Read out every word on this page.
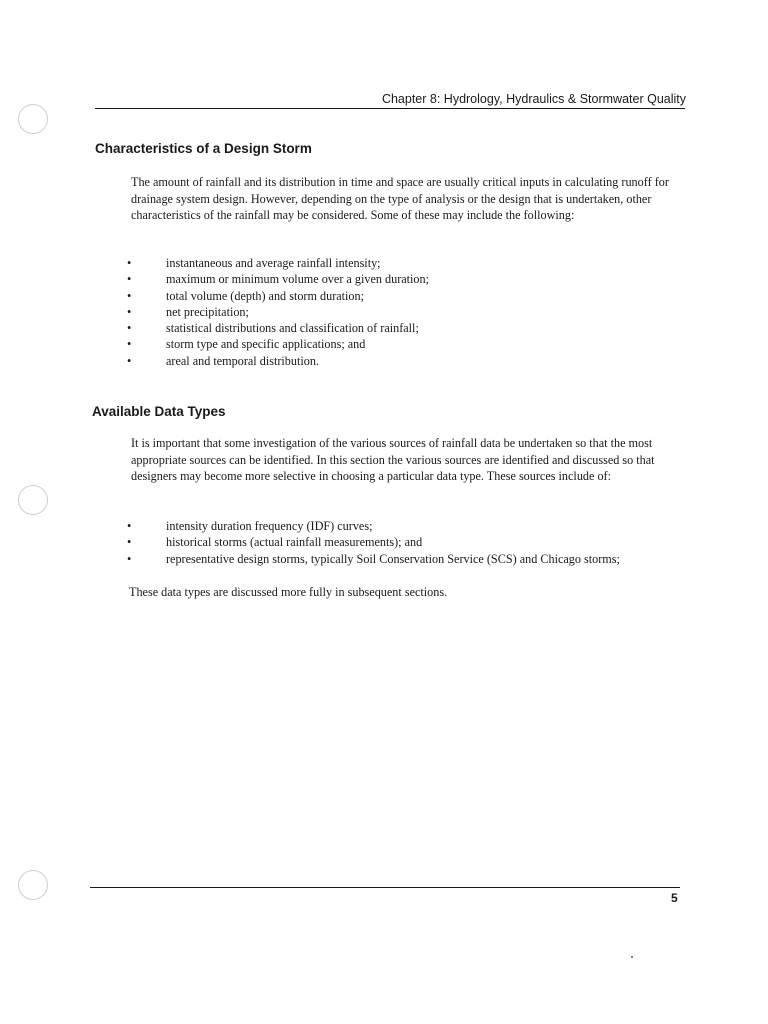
Chapter 8: Hydrology, Hydraulics & Stormwater Quality
Characteristics of a Design Storm
The amount of rainfall and its distribution in time and space are usually critical inputs in calculating runoff for drainage system design. However, depending on the type of analysis or the design that is undertaken, other characteristics of the rainfall may be considered. Some of these may include the following:
•	instantaneous and average rainfall intensity;
•	maximum or minimum volume over a given duration;
•	total volume (depth) and storm duration;
•	net precipitation;
•	statistical distributions and classification of rainfall;
•	storm type and specific applications; and
•	areal and temporal distribution.
Available Data Types
It is important that some investigation of the various sources of rainfall data be undertaken so that the most appropriate sources can be identified. In this section the various sources are identified and discussed so that designers may become more selective in choosing a particular data type. These sources include of:
•	intensity duration frequency (IDF) curves;
•	historical storms (actual rainfall measurements); and
•	representative design storms, typically Soil Conservation Service (SCS) and Chicago storms;
These data types are discussed more fully in subsequent sections.
5
